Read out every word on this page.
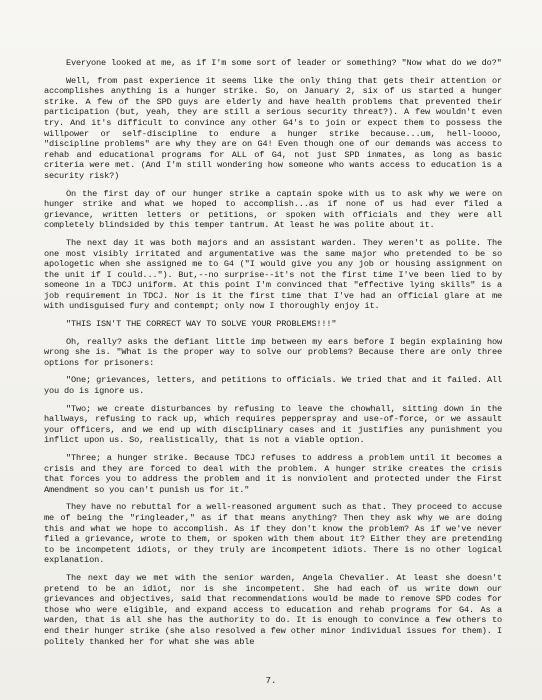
Everyone looked at me, as if I'm some sort of leader or something? "Now what do we do?"

Well, from past experience it seems like the only thing that gets their attention or accomplishes anything is a hunger strike. So, on January 2, six of us started a hunger strike. A few of the SPD guys are elderly and have health problems that prevented their participation (but, yeah, they are still a serious security threat?). A few wouldn't even try. And it's difficult to convince any other G4's to join or expect them to possess the willpower or self-discipline to endure a hunger strike because...um, hell-loooo, "discipline problems" are why they are on G4! Even though one of our demands was access to rehab and educational programs for ALL of G4, not just SPD inmates, as long as basic criteria were met. (And I'm still wondering how someone who wants access to education is a security risk?)

On the first day of our hunger strike a captain spoke with us to ask why we were on hunger strike and what we hoped to accomplish...as if none of us had ever filed a grievance, written letters or petitions, or spoken with officials and they were all completely blindsided by this temper tantrum. At least he was polite about it.

The next day it was both majors and an assistant warden. They weren't as polite. The one most visibly irritated and argumentative was the same major who pretended to be so apologetic when she assigned me to G4 ("I would give you any job or housing assignment on the unit if I could..."). But,--no surprise--it's not the first time I've been lied to by someone in a TDCJ uniform. At this point I'm convinced that "effective lying skills" is a job requirement in TDCJ. Nor is it the first time that I've had an official glare at me with undisguised fury and contempt; only now I thoroughly enjoy it.

"THIS ISN'T THE CORRECT WAY TO SOLVE YOUR PROBLEMS!!!"

Oh, really? asks the defiant little imp between my ears before I begin explaining how wrong she is. "What is the proper way to solve our problems? Because there are only three options for prisoners:

"One; grievances, letters, and petitions to officials. We tried that and it failed. All you do is ignore us.

"Two; we create disturbances by refusing to leave the chowhall, sitting down in the hallways, refusing to rack up, which requires pepperspray and use-of-force, or we assault your officers, and we end up with disciplinary cases and it justifies any punishment you inflict upon us. So, realistically, that is not a viable option.

"Three; a hunger strike. Because TDCJ refuses to address a problem until it becomes a crisis and they are forced to deal with the problem. A hunger strike creates the crisis that forces you to address the problem and it is nonviolent and protected under the First Amendment so you can't punish us for it."

They have no rebuttal for a well-reasoned argument such as that. They proceed to accuse me of being the "ringleader," as if that means anything? Then they ask why we are doing this and what we hope to accomplish. As if they don't know the problem? As if we've never filed a grievance, wrote to them, or spoken with them about it? Either they are pretending to be incompetent idiots, or they truly are incompetent idiots. There is no other logical explanation.

The next day we met with the senior warden, Angela Chevalier. At least she doesn't pretend to be an idiot, nor is she incompetent. She had each of us write down our grievances and objectives, said that recommendations would be made to remove SPD codes for those who were eligible, and expand access to education and rehab programs for G4. As a warden, that is all she has the authority to do. It is enough to convince a few others to end their hunger strike (she also resolved a few other minor individual issues for them). I politely thanked her for what she was able

7.
